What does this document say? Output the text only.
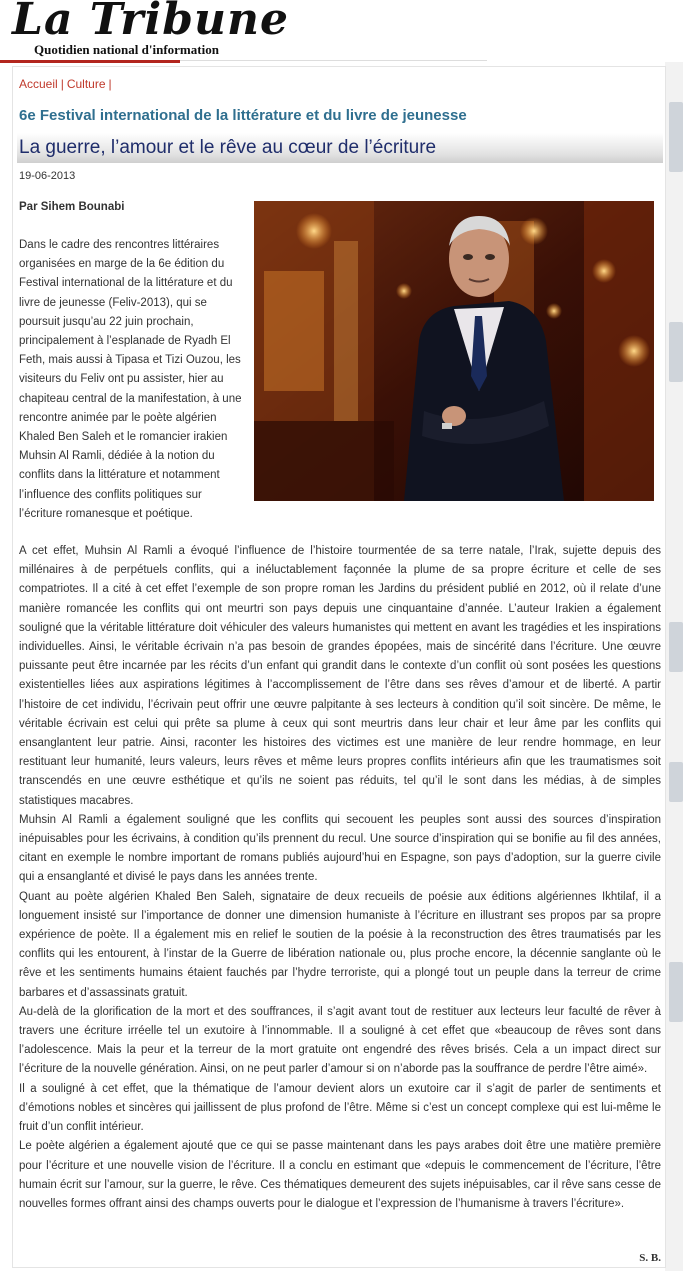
La Tribune
Quotidien national d'information
Accueil | Culture |
6e Festival international de la littérature et du livre de jeunesse
La guerre, l’amour et le rêve au cœur de l’écriture
19-06-2013
Par Sihem Bounabi
Dans le cadre des rencontres littéraires organisées en marge de la 6e édition du Festival international de la littérature et du livre de jeunesse (Feliv-2013), qui se poursuit jusqu’au 22 juin prochain, principalement à l’esplanade de Ryadh El Feth, mais aussi à Tipasa et Tizi Ouzou, les visiteurs du Feliv ont pu assister, hier au chapiteau central de la manifestation, à une rencontre animée par le poète algérien Khaled Ben Saleh et le romancier irakien Muhsin Al Ramli, dédiée à la notion du conflits dans la littérature et notamment l’influence des conflits politiques sur l’écriture romanesque et poétique.

A cet effet, Muhsin Al Ramli a évoqué l’influence de l’histoire tourmentée de sa terre natale, l’Irak, sujette depuis des millénaires à de perpétuels conflits, qui a inéluctablement façonnée la plume de sa propre écriture et celle de ses compatriotes. Il a cité à cet effet l’exemple de son propre roman les Jardins du président publié en 2012, où il relate d’une manière romancée les conflits qui ont meurtri son pays depuis une cinquantaine d’année. L’auteur Irakien a également souligné que la véritable littérature doit véhiculer des valeurs humanistes qui mettent en avant les tragédies et les inspirations individuelles. Ainsi, le véritable écrivain n’a pas besoin de grandes épopées, mais de sincérité dans l’écriture. Une œuvre puissante peut être incarnée par les récits d’un enfant qui grandit dans le contexte d’un conflit où sont posées les questions existentielles liées aux aspirations légitimes à l’accomplissement de l’être dans ses rêves d’amour et de liberté. A partir l’histoire de cet individu, l’écrivain peut offrir une œuvre palpitante à ses lecteurs à condition qu’il soit sincère. De même, le véritable écrivain est celui qui prête sa plume à ceux qui sont meurtris dans leur chair et leur âme par les conflits qui ensanglantent leur patrie. Ainsi, raconter les histoires des victimes est une manière de leur rendre hommage, en leur restituant leur humanité, leurs valeurs, leurs rêves et même leurs propres conflits intérieurs afin que les traumatismes soit transcendés en une œuvre esthétique et qu’ils ne soient pas réduits, tel qu’il le sont dans les médias, à de simples statistiques macabres.

Muhsin Al Ramli a également souligné que les conflits qui secouent les peuples sont aussi des sources d’inspiration inépuisables pour les écrivains, à condition qu’ils prennent du recul. Une source d’inspiration qui se bonifie au fil des années, citant en exemple le nombre important de romans publiés aujourd’hui en Espagne, son pays d’adoption, sur la guerre civile qui a ensanglanté et divisé le pays dans les années trente.

Quant au poète algérien Khaled Ben Saleh, signataire de deux recueils de poésie aux éditions algériennes Ikhtilaf, il a longuement insisté sur l’importance de donner une dimension humaniste à l’écriture en illustrant ses propos par sa propre expérience de poète. Il a également mis en relief le soutien de la poésie à la reconstruction des êtres traumatisés par les conflits qui les entourent, à l’instar de la Guerre de libération nationale ou, plus proche encore, la décennie sanglante où le rêve et les sentiments humains étaient fauchés par l’hydre terroriste, qui a plongé tout un peuple dans la terreur de crime barbares et d’assassinats gratuit.

Au-delà de la glorification de la mort et des souffrances, il s’agit avant tout de restituer aux lecteurs leur faculté de rêver à travers une écriture irréelle tel un exutoire à l’innommable. Il a souligné à cet effet que «beaucoup de rêves sont dans l’adolescence. Mais la peur et la terreur de la mort gratuite ont engendré des rêves brisés. Cela a un impact direct sur l’écriture de la nouvelle génération. Ainsi, on ne peut parler d’amour si on n’aborde pas la souffrance de perdre l’être aimé».

Il a souligné à cet effet, que la thématique de l’amour devient alors un exutoire car il s’agit de parler de sentiments et d’émotions nobles et sincères qui jaillissent de plus profond de l’être. Même si c’est un concept complexe qui est lui-même le fruit d’un conflit intérieur.

Le poète algérien a également ajouté que ce qui se passe maintenant dans les pays arabes doit être une matière première pour l’écriture et une nouvelle vision de l’écriture. Il a conclu en estimant que «depuis le commencement de l’écriture, l’être humain écrit sur l’amour, sur la guerre, le rêve. Ces thématiques demeurent des sujets inépuisables, car il rêve sans cesse de nouvelles formes offrant ainsi des champs ouverts pour le dialogue et l’expression de l’humanisme à travers l’écriture».

S. B.
